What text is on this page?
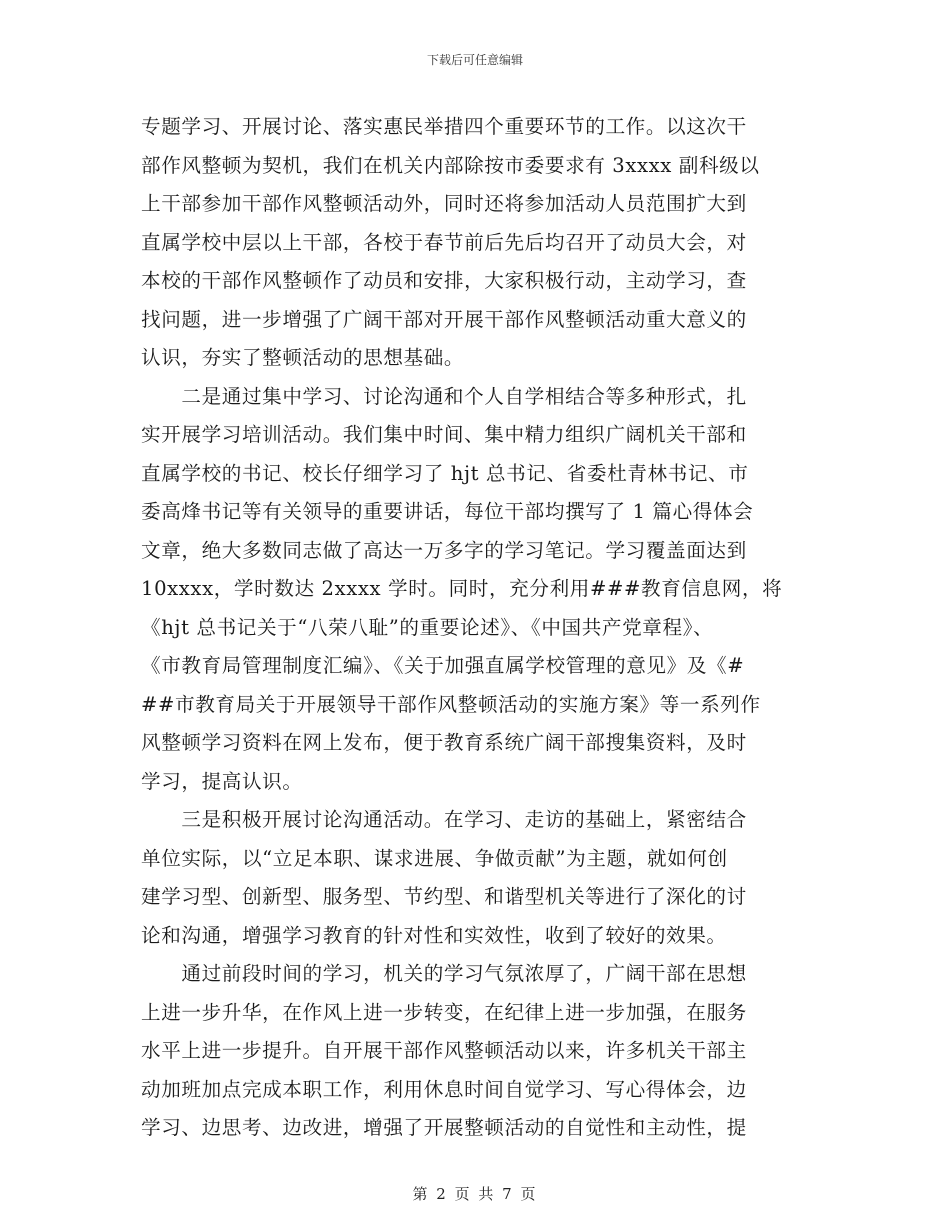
下载后可任意编辑
专题学习、开展讨论、落实惠民举措四个重要环节的工作。以这次干
部作风整顿为契机，我们在机关内部除按市委要求有 3xxxx 副科级以
上干部参加干部作风整顿活动外，同时还将参加活动人员范围扩大到
直属学校中层以上干部，各校于春节前后先后均召开了动员大会，对
本校的干部作风整顿作了动员和安排，大家积极行动，主动学习，查
找问题，进一步增强了广阔干部对开展干部作风整顿活动重大意义的
认识，夯实了整顿活动的思想基础。
　　二是通过集中学习、讨论沟通和个人自学相结合等多种形式，扎
实开展学习培训活动。我们集中时间、集中精力组织广阔机关干部和
直属学校的书记、校长仔细学习了 hjt 总书记、省委杜青林书记、市
委高烽书记等有关领导的重要讲话，每位干部均撰写了 1 篇心得体会
文章，绝大多数同志做了高达一万多字的学习笔记。学习覆盖面达到
10xxxx，学时数达 2xxxx 学时。同时，充分利用###教育信息网，将
《hjt 总书记关于“八荣八耻”的重要论述》、《中国共产党章程》、
《市教育局管理制度汇编》、《关于加强直属学校管理的意见》及《#
##市教育局关于开展领导干部作风整顿活动的实施方案》等一系列作
风整顿学习资料在网上发布，便于教育系统广阔干部搜集资料，及时
学习，提高认识。
　　三是积极开展讨论沟通活动。在学习、走访的基础上，紧密结合
单位实际，以“立足本职、谋求进展、争做贡献”为主题，就如何创
建学习型、创新型、服务型、节约型、和谐型机关等进行了深化的讨
论和沟通，增强学习教育的针对性和实效性，收到了较好的效果。
　　通过前段时间的学习，机关的学习气氛浓厚了，广阔干部在思想
上进一步升华，在作风上进一步转变，在纪律上进一步加强，在服务
水平上进一步提升。自开展干部作风整顿活动以来，许多机关干部主
动加班加点完成本职工作，利用休息时间自觉学习、写心得体会，边
学习、边思考、边改进，增强了开展整顿活动的自觉性和主动性，提
第 2 页 共 7 页
